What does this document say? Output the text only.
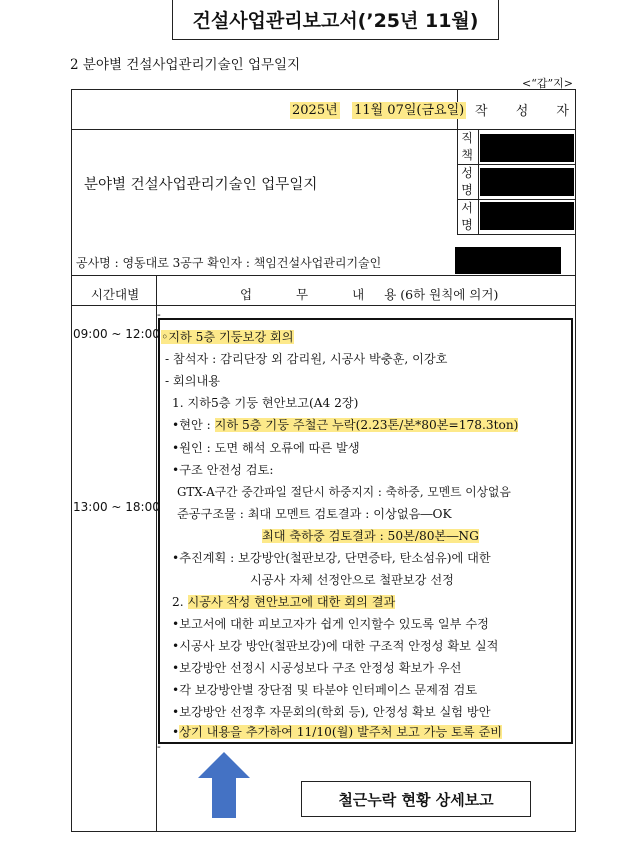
건설사업관리보고서(’25년 11월)
2 분야별 건설사업관리기술인 업무일지
<“갑”지>
2025년 11월 07일(금요일) 작 성 자
분야별 건설사업관리기술인 업무일지
직책
성명
서명
공사명 : 영동대로 3공구 확인자 : 책임건설사업관리기술인
시간대별	업 무 내용 (6하 원칙에 의거)
09:00 ~ 12:00
13:00 ~ 18:00
-
-
◦지하 5층 기둥보강 회의
- 참석자 : 감리단장 외 감리원, 시공사 박충훈, 이강호
- 회의내용
1. 지하5층 기둥 현안보고(A4 2장)
•현안 : 지하 5층 기둥 주철근 누락(2.23톤/본*80본=178.3ton)
•원인 : 도면 해석 오류에 따른 발생
•구조 안전성 검토:
GTX-A구간 중간파일 절단시 하중지지 : 축하중, 모멘트 이상없음
준공구조물 : 최대 모멘트 검토결과 : 이상없음―OK
최대 축하중 검토결과 : 50본/80본―NG
•추진계획 : 보강방안(철판보강, 단면증타, 탄소섬유)에 대한
시공사 자체 선정안으로 철판보강 선정
2. 시공사 작성 현안보고에 대한 회의 결과
•보고서에 대한 피보고자가 쉽게 인지할수 있도록 일부 수정
•시공사 보강 방안(철판보강)에 대한 구조적 안정성 확보 실적
•보강방안 선정시 시공성보다 구조 안정성 확보가 우선
•각 보강방안별 장단점 및 타분야 인터페이스 문제점 검토
•보강방안 선정후 자문회의(학회 등), 안정성 확보 실험 방안
•상기 내용을 추가하여 11/10(월) 발주처 보고 가능 토록 준비
철근누락 현황 상세보고
